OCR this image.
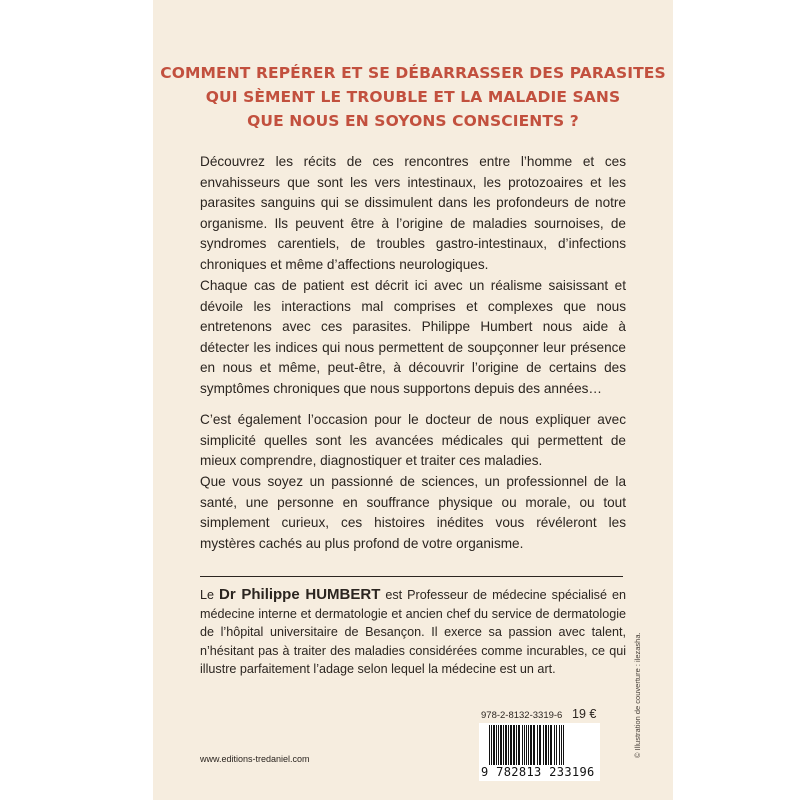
COMMENT REPÉRER ET SE DÉBARRASSER DES PARASITES
QUI SÈMENT LE TROUBLE ET LA MALADIE SANS
QUE NOUS EN SOYONS CONSCIENTS ?

Découvrez les récits de ces rencontres entre l’homme et ces envahisseurs que sont les vers intestinaux, les protozoaires et les parasites sanguins qui se dissimulent dans les profondeurs de notre organisme. Ils peuvent être à l’origine de maladies sournoises, de syndromes carentiels, de troubles gastro-intestinaux, d’infections chroniques et même d’affections neurologiques.

Chaque cas de patient est décrit ici avec un réalisme saisissant et dévoile les interactions mal comprises et complexes que nous entretenons avec ces parasites. Philippe Humbert nous aide à détecter les indices qui nous permettent de soupçonner leur présence en nous et même, peut-être, à découvrir l’origine de certains des symptômes chroniques que nous supportons depuis des années…

C’est également l’occasion pour le docteur de nous expliquer avec simplicité quelles sont les avancées médicales qui permettent de mieux comprendre, diagnostiquer et traiter ces maladies.

Que vous soyez un passionné de sciences, un professionnel de la santé, une personne en souffrance physique ou morale, ou tout simplement curieux, ces histoires inédites vous révéleront les mystères cachés au plus profond de votre organisme.

Le Dr Philippe HUMBERT est Professeur de médecine spécialisé en médecine interne et dermatologie et ancien chef du service de dermatologie de l’hôpital universitaire de Besançon. Il exerce sa passion avec talent, n’hésitant pas à traiter des maladies considérées comme incurables, ce qui illustre parfaitement l’adage selon lequel la médecine est un art.

978-2-8132-3319-6 19 €
9 782813 233196
www.editions-tredaniel.com
© Illustration de couverture : ilezasha.
